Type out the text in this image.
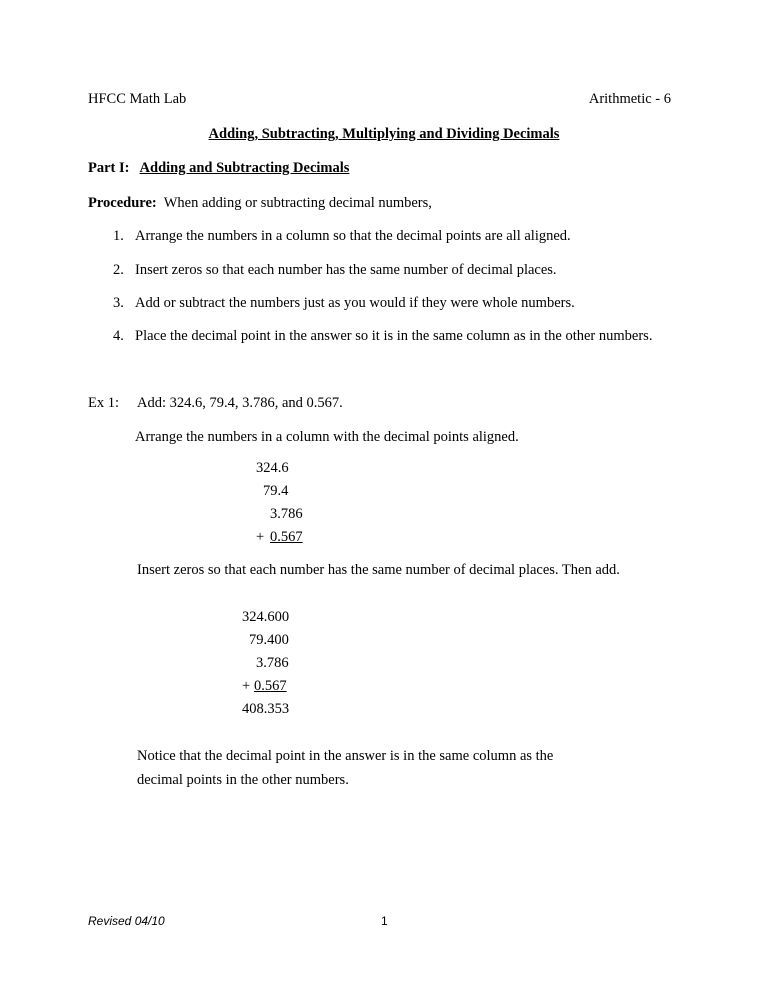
HFCC Math Lab	Arithmetic - 6
Adding, Subtracting, Multiplying and Dividing Decimals
Part I: Adding and Subtracting Decimals
Procedure: When adding or subtracting decimal numbers,
1. Arrange the numbers in a column so that the decimal points are all aligned.
2. Insert zeros so that each number has the same number of decimal places.
3. Add or subtract the numbers just as you would if they were whole numbers.
4. Place the decimal point in the answer so it is in the same column as in the other numbers.
Ex 1: Add: 324.6, 79.4, 3.786, and 0.567.
Arrange the numbers in a column with the decimal points aligned.
324.6
79.4
3.786
+ 0.567
Insert zeros so that each number has the same number of decimal places. Then add.
324.600
79.400
3.786
+ 0.567
408.353
Notice that the decimal point in the answer is in the same column as the
decimal points in the other numbers.
Revised 04/10	1
